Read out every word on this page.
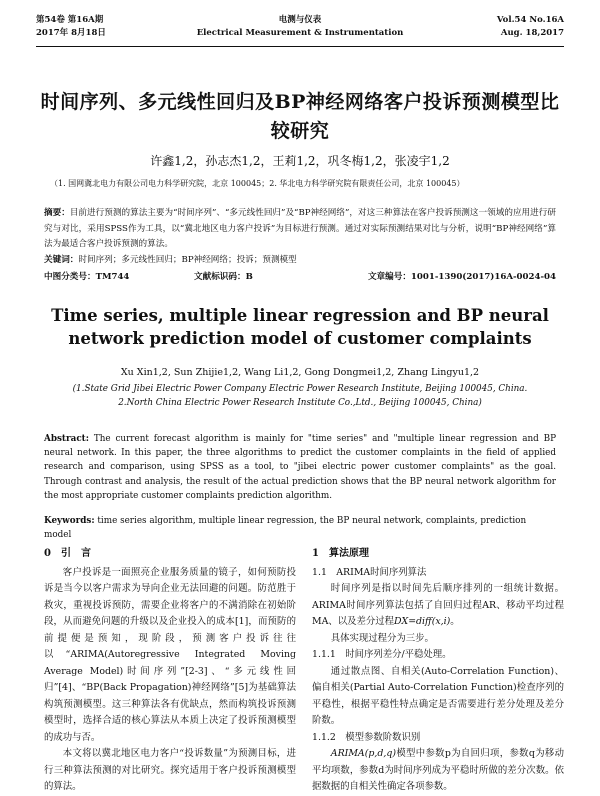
第54卷 第16A期
2017年 8月18日
电测与仪表
Electrical Measurement & Instrumentation
Vol.54 No.16A
Aug. 18,2017
时间序列、多元线性回归及BP神经网络客户投诉预测模型比较研究
许鑫1,2，孙志杰1,2，王莉1,2，巩冬梅1,2，张凌宇1,2
（1. 国网冀北电力有限公司电力科学研究院，北京 100045；2. 华北电力科学研究院有限责任公司，北京 100045）
摘要：目前进行预测的算法主要为“时间序列”、“多元线性回归”及“BP神经网络”，对这三种算法在客户投诉预测这一领域的应用进行研究与对比，采用SPSS作为工具，以“冀北地区电力客户投诉”为目标进行预测。通过对实际预测结果对比与分析，说明“BP神经网络”算法为最适合客户投诉预测的算法。
关键词：时间序列；多元线性回归；BP神经网络；投诉；预测模型
中图分类号：TM744	文献标识码：B	文章编号：1001-1390(2017)16A-0024-04
Time series, multiple linear regression and BP neural network prediction model of customer complaints
Xu Xin1,2, Sun Zhijie1,2, Wang Li1,2, Gong Dongmei1,2, Zhang Lingyu1,2
(1.State Grid Jibei Electric Power Company Electric Power Research Institute, Beijing 100045, China.
2.North China Electric Power Research Institute Co.,Ltd., Beijing 100045, China)
Abstract: The current forecast algorithm is mainly for "time series" and "multiple linear regression and BP neural network. In this paper, the three algorithms to predict the customer complaints in the field of applied research and comparison, using SPSS as a tool, to "jibei electric power customer complaints" as the goal. Through contrast and analysis, the result of the actual prediction shows that the BP neural network algorithm for the most appropriate customer complaints prediction algorithm.
Keywords: time series algorithm, multiple linear regression, the BP neural network, complaints, prediction model
0　引　言

客户投诉是一面照亮企业服务质量的镜子，如何预防投诉是当今以客户需求为导向企业无法回避的问题。防范胜于救灾，重视投诉预防，需要企业将客户的不满消除在初始阶段，从而避免问题的升级以及企业投入的成本[1]，而预防的前提便是预知，现阶段，预测客户投诉往往以“ARIMA(Autoregressive Integrated Moving Average Model)时间序列”[2-3]、“多元线性回归”[4]、“BP(Back Propagation)神经网络”[5]为基础算法构筑预测模型。这三种算法各有优缺点，然而构筑投诉预测模型时，选择合适的核心算法从本质上决定了投诉预测模型的成功与否。

本文将以冀北地区电力客户“投诉数量”为预测目标，进行三种算法预测的对比研究。探究适用于客户投诉预测模型的算法。

1　算法原理

1.1　ARIMA时间序列算法

时间序列是指以时间先后顺序排列的一组统计数据。ARIMA时间序列算法包括了自回归过程AR、移动平均过程MA、以及差分过程DX=diff(x,i)。

具体实现过程分为三步。

1.1.1　时间序列差分/平稳处理。

通过散点图、自相关(Auto-Correlation Function)、偏自相关(Partial Auto-Correlation Function)检查序列的平稳性，根据平稳性特点确定是否需要进行差分处理及差分阶数。

1.1.2　模型参数阶数识别

ARIMA(p,d,q)模型中参数p为自回归项，参数q为移动平均项数，参数d为时间序列成为平稳时所做的差分次数。依据数据的自相关性确定各项参数。
